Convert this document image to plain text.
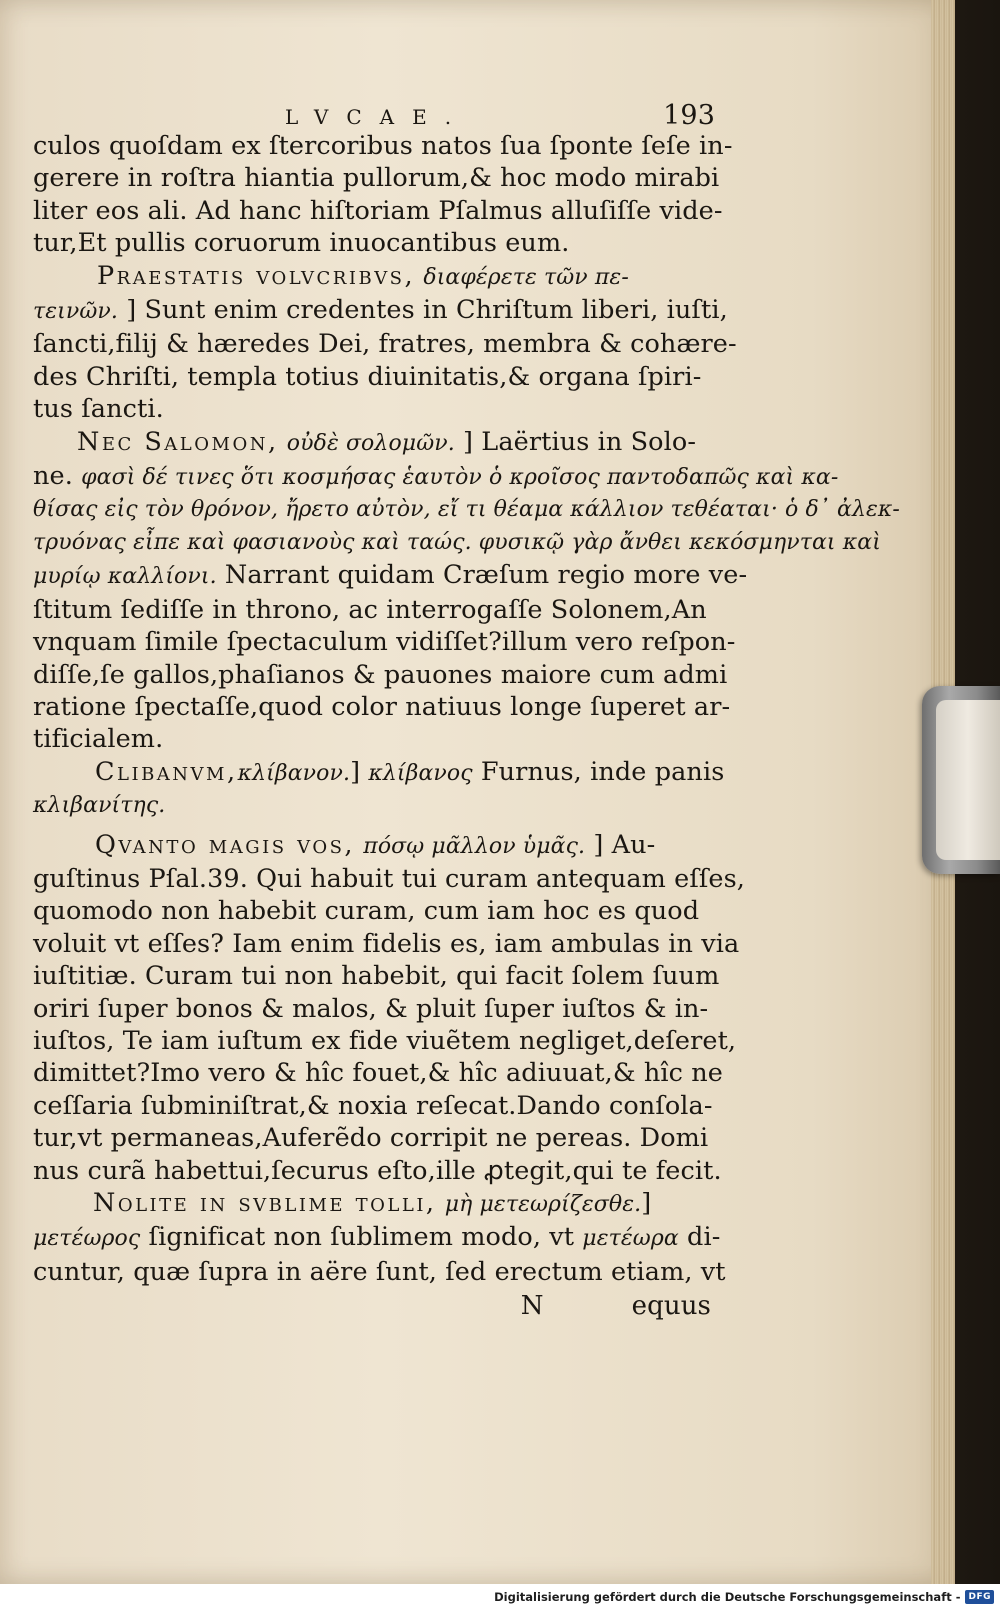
LVCAE.	193
culos quoſdam ex ſtercoribus natos ſua ſponte ſeſe in-
gerere in roſtra hiantia pullorum,& hoc modo mirabi
liter eos ali. Ad hanc hiſtoriam Pſalmus alluſiſſe vide-
tur,Et pullis coruorum inuocantibus eum.
Praestatis volvcribvs, διαφέρετε τῶν πε-
τεινῶν. ] Sunt enim credentes in Chriſtum liberi, iuſti,
ſancti,filij & hæredes Dei, fratres, membra & cohære-
des Chriſti, templa totius diuinitatis,& organa ſpiri-
tus ſancti.
Nec Salomon, οὐδὲ σολομῶν. ] Laërtius in Solo-
ne. φασὶ δέ τινες ὅτι κοσμήσας ἑαυτὸν ὁ κροῖσος παντοδαπῶς καὶ κα-
θίσας εἰς τὸν θρόνον, ἤρετο αὐτὸν, εἴ τι θέαμα κάλλιον τεθέαται· ὁ δ᾽ ἀλεκ-
τρυόνας εἶπε καὶ φασιανοὺς καὶ ταώς. φυσικῷ γὰρ ἄνθει κεκόσμηνται καὶ
μυρίῳ καλλίονι. Narrant quidam Cræſum regio more ve-
ſtitum ſediſſe in throno, ac interrogaſſe Solonem,An
vnquam ſimile ſpectaculum vidiſſet?illum vero reſpon-
diſſe,ſe gallos,phaſianos & pauones maiore cum admi
ratione ſpectaſſe,quod color natiuus longe ſuperet ar-
tificialem.
Clibanvm,κλίβανον.] κλίβανος Furnus, inde panis
κλιβανίτης.
Qvanto magis vos, πόσῳ μᾶλλον ὑμᾶς. ] Au-
guſtinus Pſal.39. Qui habuit tui curam antequam eſſes,
quomodo non habebit curam, cum iam hoc es quod
voluit vt eſſes? Iam enim fidelis es, iam ambulas in via
iuſtitiæ. Curam tui non habebit, qui facit ſolem ſuum
oriri ſuper bonos & malos, & pluit ſuper iuſtos & in-
iuſtos, Te iam iuſtum ex fide viuẽtem negliget,deſeret,
dimittet?Imo vero & hîc fouet,& hîc adiuuat,& hîc ne
ceſſaria ſubminiſtrat,& noxia reſecat.Dando conſola-
tur,vt permaneas,Auferẽdo corripit ne pereas. Domi
nus curã habettui,ſecurus eſto,ille ꝓtegit,qui te fecit.
Nolite in svblime tolli, μὴ μετεωρίζεσθε.]
μετέωρος ſignificat non ſublimem modo, vt μετέωρα di-
cuntur, quæ ſupra in aëre ſunt, ſed erectum etiam, vt
N	equus
Digitalisierung gefördert durch die Deutsche Forschungsgemeinschaft - DFG
